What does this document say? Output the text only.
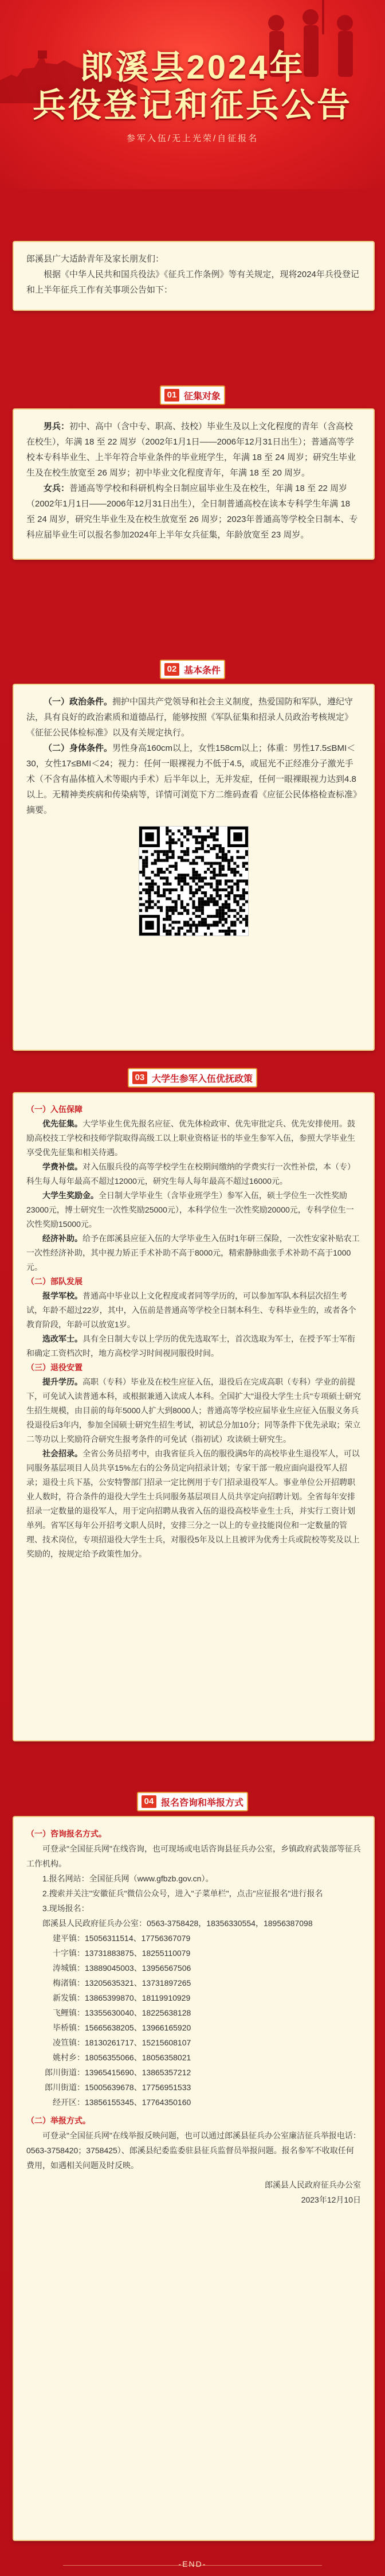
郎溪县2024年
兵役登记和征兵公告
参军入伍/无上光荣/自征报名

郎溪县广大适龄青年及家长朋友们：

根据《中华人民共和国兵役法》《征兵工作条例》等有关规定，现将2024年兵役登记和上半年征兵工作有关事项公告如下：

01 征集对象

男兵：初中、高中（含中专、职高、技校）毕业生及以上文化程度的青年（含高校在校生），年满 18 至 22 周岁（2002年1月1日——2006年12月31日出生）；普通高等学校本专科毕业生、上半年符合毕业条件的毕业班学生，年满 18 至 24 周岁；研究生毕业生及在校生放宽至 26 周岁；初中毕业文化程度青年，年满 18 至 20 周岁。

女兵：普通高等学校和科研机构全日制应届毕业生及在校生，年满 18 至 22 周岁（2002年1月1日——2006年12月31日出生），全日制普通高校在读本专科学生年满 18 至 24 周岁，研究生毕业生及在校生放宽至 26 周岁；2023年普通高等学校全日制本、专科应届毕业生可以报名参加2024年上半年女兵征集，年龄放宽至 23 周岁。

02 基本条件

（一）政治条件。拥护中国共产党领导和社会主义制度，热爱国防和军队，遵纪守法，具有良好的政治素质和道德品行，能够按照《军队征集和招录人员政治考核规定》《征征公民体检标准》以及有关规定执行。

（二）身体条件。男性身高160cm以上，女性158cm以上；体重：男性17.5≤BMI＜30，女性17≤BMI＜24；视力：任何一眼裸视力不低于4.5，或屈光不正经准分子激光手术（不含有晶体植入术等眼内手术）后半年以上，无并发症，任何一眼裸眼视力达到4.8以上。无精神类疾病和传染病等，详情可浏览下方二维码查看《应征公民体格检查标准》摘要。

03 大学生参军入伍优抚政策

（一）入伍保障

优先征集。大学毕业生优先报名应征、优先体检政审、优先审批定兵、优先安排使用。鼓励高校技工学校和技师学院取得高级工以上职业资格证书的毕业生参军入伍，参照大学毕业生享受优先征集和相关待遇。

学费补偿。对入伍服兵役的高等学校学生在校期间缴纳的学费实行一次性补偿，本（专）科生每人每年最高不超过12000元，研究生每人每年最高不超过16000元。

大学生奖励金。全日制大学毕业生（含毕业班学生）参军入伍，硕士学位生一次性奖励23000元，博士研究生一次性奖励25000元），本科学位生一次性奖励20000元，专科学位生一次性奖励15000元。

经济补助。给予在郎溪县应征入伍的大学毕业生入伍时1年研三保险，一次性安家补贴农工一次性经济补助，其中视力矫正手术补助不高于8000元，精索静脉曲张手术补助不高于1000元。

（二）部队发展

报学军校。普通高中毕业以上文化程度或者同等学历的，可以参加军队本科层次招生考试，年龄不超过22岁，其中，入伍前是普通高等学校全日制本科生、专科毕业生的，或者各个教育阶段，年龄可以放宽1岁。

选改军士。具有全日制大专以上学历的优先选取军士，首次选取为军士，在授予军士军衔和确定工资档次时，地方高校学习时间视同服役时间。

（三）退役安置

提升学历。高职（专科）毕业及在校生应征入伍，退役后在完成高职（专科）学业的前提下，可免试入读普通本科，或根据兼通入读成人本科。全国扩大"退役大学生士兵"专项硕士研究生招生规模，由目前的每年5000人扩大到8000人；普通高等学校应届毕业生应征入伍服义务兵役退役后3年内，参加全国硕士研究生招生考试，初试总分加10分；同等条件下优先录取；荣立二等功以上奖励符合研究生报考条件的可免试（指初试）攻读硕士研究生。

社会招录。全省公务员招考中，由我省征兵入伍的服役满5年的高校毕业生退役军人，可以同服务基层项目人员共享15%左右的公务员定向招录计划；专家干部一般应面向退役军人招录；退役士兵下基，公安特警部门招录一定比例用于专门招录退役军人。事业单位公开招聘职业人数时，符合条件的退役大学生士兵同服务基层项目人员共享定向招聘计划。全省每年安排招录一定数量的退役军人，用于定向招聘从我省入伍的退役高校毕业生士兵，并实行工资计划单列。省军区每年公开招考文职人员时，安排三分之一以上的专业技能岗位和一定数量的管理、技术岗位，专项招退役大学生士兵，对服役5年及以上且被评为优秀士兵或院校等奖及以上奖励的，按规定给予政策性加分。

04 报名咨询和举报方式

（一）咨询报名方式。

可登录"全国征兵网"在线咨询，也可现场或电话咨询县征兵办公室，乡镇政府武装部等征兵工作机构。

1.报名网站：全国征兵网（www.gfbzb.gov.cn）。

2.搜索并关注"安徽征兵"微信公众号，进入"子菜单栏"，点击"应征报名"进行报名

3.现场报名：

郎溪县人民政府征兵办公室：0563-3758428，18356330554，18956387098

建平镇 ： 15056311514、17756367079
十字镇 ： 13731883875、18255110079
涛城镇 ： 13889045003、13956567506
梅渚镇 ： 13205635321、13731897265
新发镇 ： 13865399870、18119910929
飞鲤镇 ： 13355630040、18225638128
毕桥镇 ： 15665638205、13966165920
凌笪镇 ： 18130261717、15215608107
姚村乡 ： 18056355066、18056358021
郎川街道 ： 13965415690、13865357212
郎川街道 ： 15005639678、17756951533
经开区 ： 13856155345、17764350160

（二）举报方式。

可登录"全国征兵网"在线举报反映问题，也可以通过郎溪县征兵办公室廉洁征兵举报电话：0563-3758420；3758425）、郎溪县纪委监委驻县征兵监督员举报问题。报名参军不收取任何费用，如遇相关问题及时反映。

郎溪县人民政府征兵办公室

2023年12月10日

-END-
